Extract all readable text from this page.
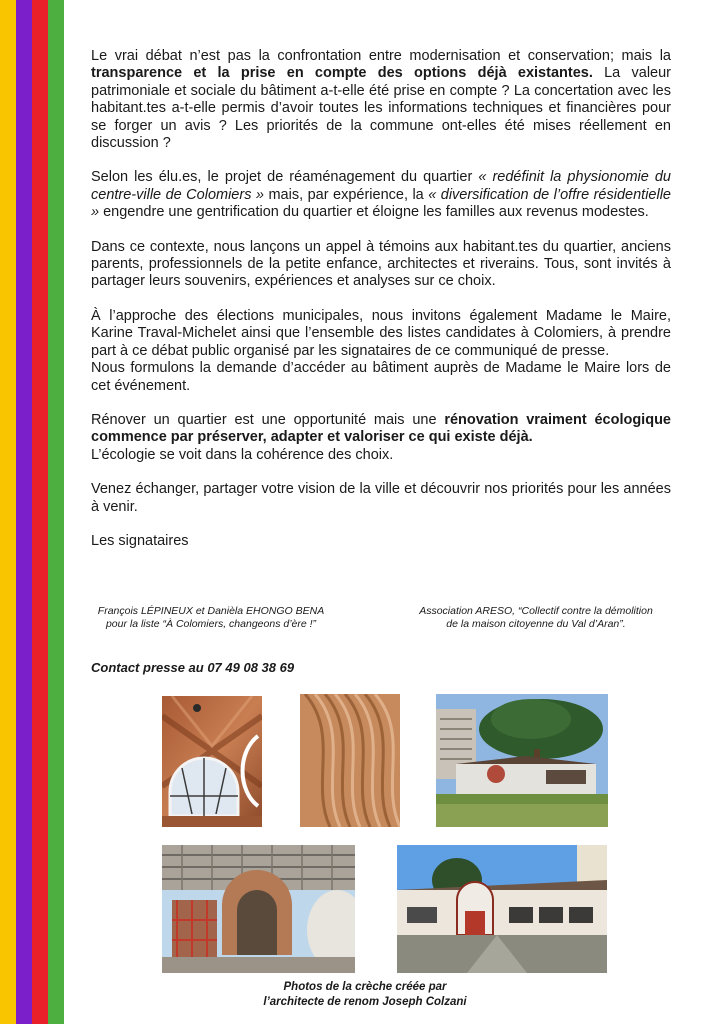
Le vrai débat n’est pas la confrontation entre modernisation et conservation; mais la transparence et la prise en compte des options déjà existantes. La valeur patrimoniale et sociale du bâtiment a-t-elle été prise en compte ? La concertation avec les habitant.tes a-t-elle permis d’avoir toutes les informations techniques et financières pour se forger un avis ? Les priorités de la commune ont-elles été mises réellement en discussion ?

Selon les élu.es, le projet de réaménagement du quartier « redéfinit la physionomie du centre-ville de Colomiers » mais, par expérience, la « diversification de l’offre résidentielle » engendre une gentrification du quartier et éloigne les familles aux revenus modestes.

Dans ce contexte, nous lançons un appel à témoins aux habitant.tes du quartier, anciens parents, professionnels de la petite enfance, architectes et riverains. Tous, sont invités à partager leurs souvenirs, expériences et analyses sur ce choix.

À l’approche des élections municipales, nous invitons également Madame le Maire, Karine Traval-Michelet ainsi que l’ensemble des listes candidates à Colomiers, à prendre part à ce débat public organisé par les signataires de ce communiqué de presse.

Nous formulons la demande d’accéder au bâtiment auprès de Madame le Maire lors de cet événement.

Rénover un quartier est une opportunité mais une rénovation vraiment écologique commence par préserver, adapter et valoriser ce qui existe déjà.
L’écologie se voit dans la cohérence des choix.

Venez échanger, partager votre vision de la ville et découvrir nos priorités pour les années à venir.

Les signataires

François LÉPINEUX et Danièla EHONGO BENA
pour la liste “À Colomiers, changeons d’ère !”
Association ARESO, “Collectif contre la démolition
de la maison citoyenne du Val d’Aran”.
Contact presse au 07 49 08 38 69
Photos de la crèche créée par
l’architecte de renom Joseph Colzani
